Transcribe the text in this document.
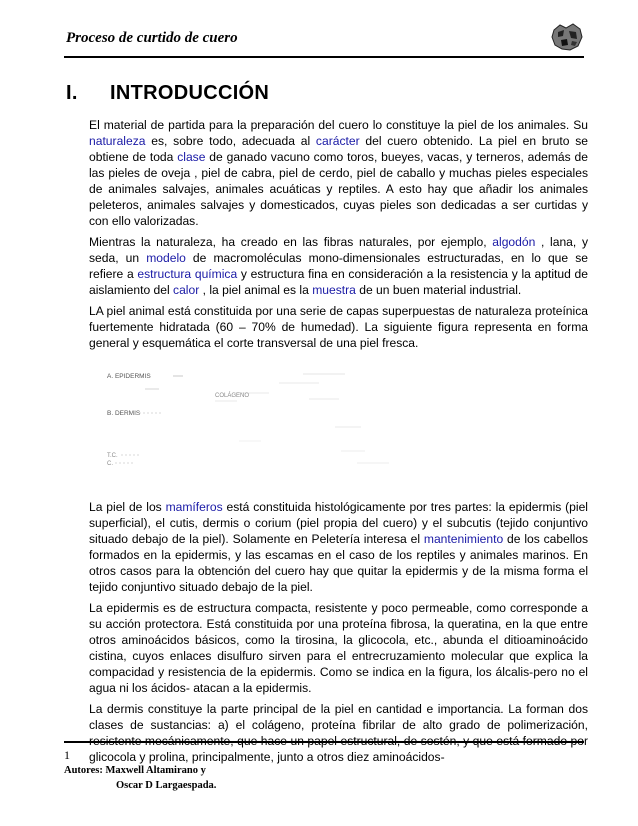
Proceso de curtido de cuero
I. INTRODUCCIÓN

El material de partida para la preparación del cuero lo constituye la piel de los animales. Su naturaleza es, sobre todo, adecuada al carácter del cuero obtenido. La piel en bruto se obtiene de toda clase de ganado vacuno como toros, bueyes, vacas, y terneros, además de las pieles de oveja , piel de cabra, piel de cerdo, piel de caballo y muchas pieles especiales de animales salvajes, animales acuáticas y reptiles. A esto hay que añadir los animales peleteros, animales salvajes y domesticados, cuyas pieles son dedicadas a ser curtidas y con ello valorizadas.

Mientras la naturaleza, ha creado en las fibras naturales, por ejemplo, algodón , lana, y seda, un modelo de macromoléculas mono-dimensionales estructuradas, en lo que se refiere a estructura química y estructura fina en consideración a la resistencia y la aptitud de aislamiento del calor , la piel animal es la muestra de un buen material industrial.

LA piel animal está constituida por una serie de capas superpuestas de naturaleza proteínica fuertemente hidratada (60 – 70% de humedad). La siguiente figura representa en forma general y esquemática el corte transversal de una piel fresca.

A. EPIDERMIS
B. DERMIS
T.C.
C.
COLÁGENO

La piel de los mamíferos está constituida histológicamente por tres partes: la epidermis (piel superficial), el cutis, dermis o corium (piel propia del cuero) y el subcutis (tejido conjuntivo situado debajo de la piel). Solamente en Peletería interesa el mantenimiento de los cabellos formados en la epidermis, y las escamas en el caso de los reptiles y animales marinos. En otros casos para la obtención del cuero hay que quitar la epidermis y de la misma forma el tejido conjuntivo situado debajo de la piel.

La epidermis es de estructura compacta, resistente y poco permeable, como corresponde a su acción protectora. Está constituida por una proteína fibrosa, la queratina, en la que entre otros aminoácidos básicos, como la tirosina, la glicocola, etc., abunda el ditioaminoácido cistina, cuyos enlaces disulfuro sirven para el entrecruzamiento molecular que explica la compacidad y resistencia de la epidermis. Como se indica en la figura, los álcalis-pero no el agua ni los ácidos- atacan a la epidermis.

La dermis constituye la parte principal de la piel en cantidad e importancia. La forman dos clases de sustancias: a) el colágeno, proteína fibrilar de alto grado de polimerización, resistente mecánicamente, que hace un papel estructural, de sostén, y que está formado por glicocola y prolina, principalmente, junto a otros diez aminoácidos-

1
Autores: Maxwell Altamirano y
Oscar D Largaespada.
